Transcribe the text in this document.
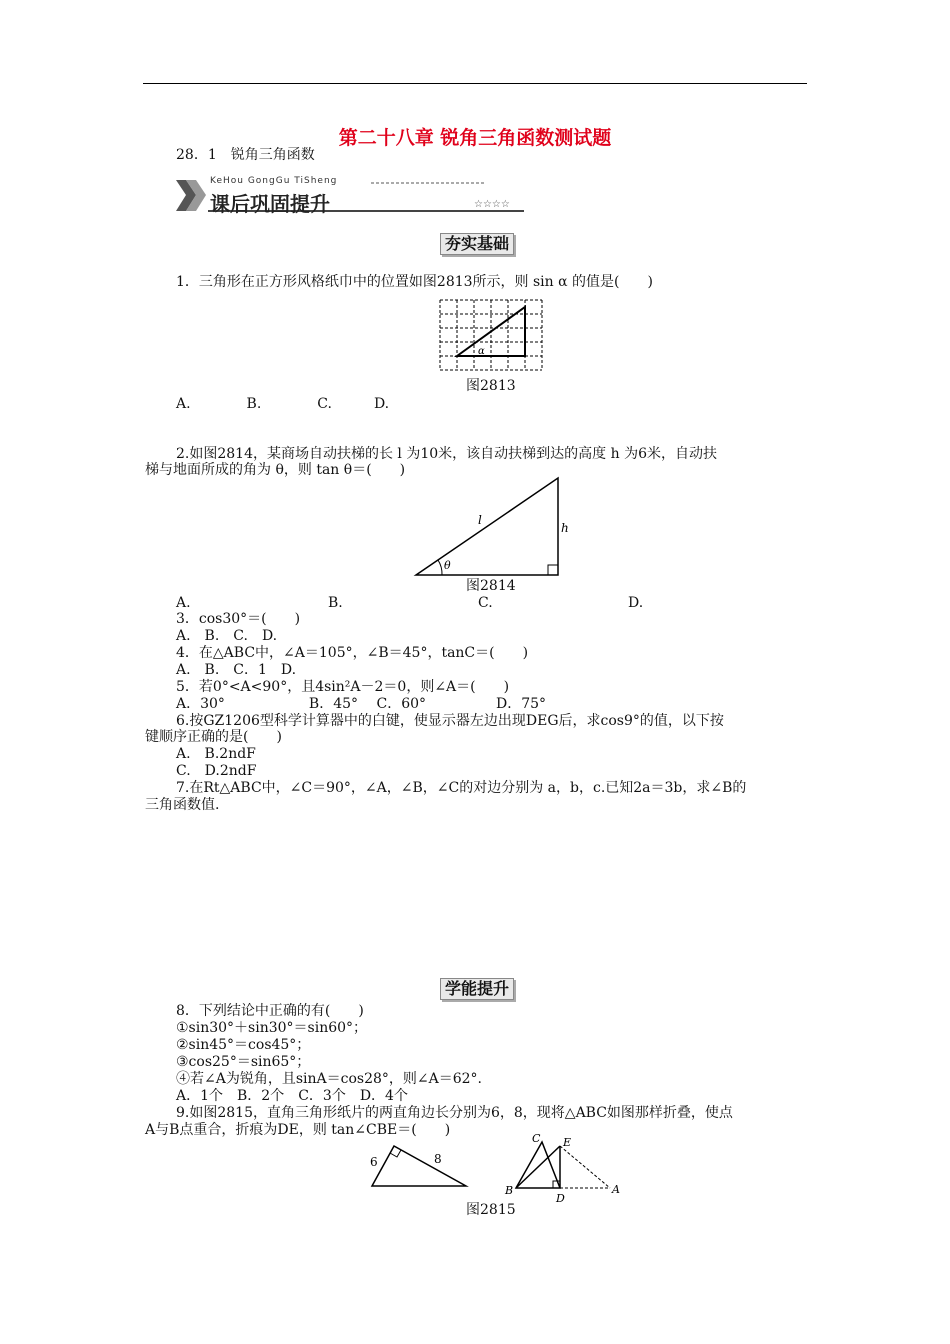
第二十八章 锐角三角函数测试题
28．1　锐角三角函数
KeHou GongGu TiSheng
课后巩固提升	☆☆☆☆
夯实基础
1．三角形在正方形风格纸巾中的位置如图2813所示，则 sin α 的值是(　　)
α
图2813
A.　　　　B.　　　　C.　　　D.
2.如图2814，某商场自动扶梯的长 l 为10米，该自动扶梯到达的高度 h 为6米，自动扶
梯与地面所成的角为 θ，则 tan θ＝(　　)
l
h
θ
图2814
A.	B.	C.	D.
3．cos30°＝(　　)
A.　B.　C.　D.
4．在△ABC中，∠A＝105°，∠B＝45°，tanC＝(　　)
A.　B.　C．1　D.
5．若0°<A<90°，且4sin²A－2＝0，则∠A＝(　　)
A．30°　　　　　　B．45°　 C．60°　　　　　D．75°
6.按GZ1206型科学计算器中的白键，使显示器左边出现DEG后，求cos9°的值，以下按
键顺序正确的是(　　)
A.　B.2ndF
C.　D.2ndF
7.在Rt△ABC中，∠C＝90°，∠A，∠B，∠C的对边分别为 a，b，c.已知2a＝3b，求∠B的
三角函数值.
学能提升
8．下列结论中正确的有(　　)
①sin30°＋sin30°＝sin60°；
②sin45°＝cos45°；
③cos25°＝sin65°；
④若∠A为锐角，且sinA＝cos28°，则∠A＝62°.
A．1个　B．2个　C．3个　D．4个
9.如图2815，直角三角形纸片的两直角边长分别为6，8，现将△ABC如图那样折叠，使点
A与B点重合，折痕为DE，则 tan∠CBE＝(　　)
6	8
C E
B
D
A
图2815
